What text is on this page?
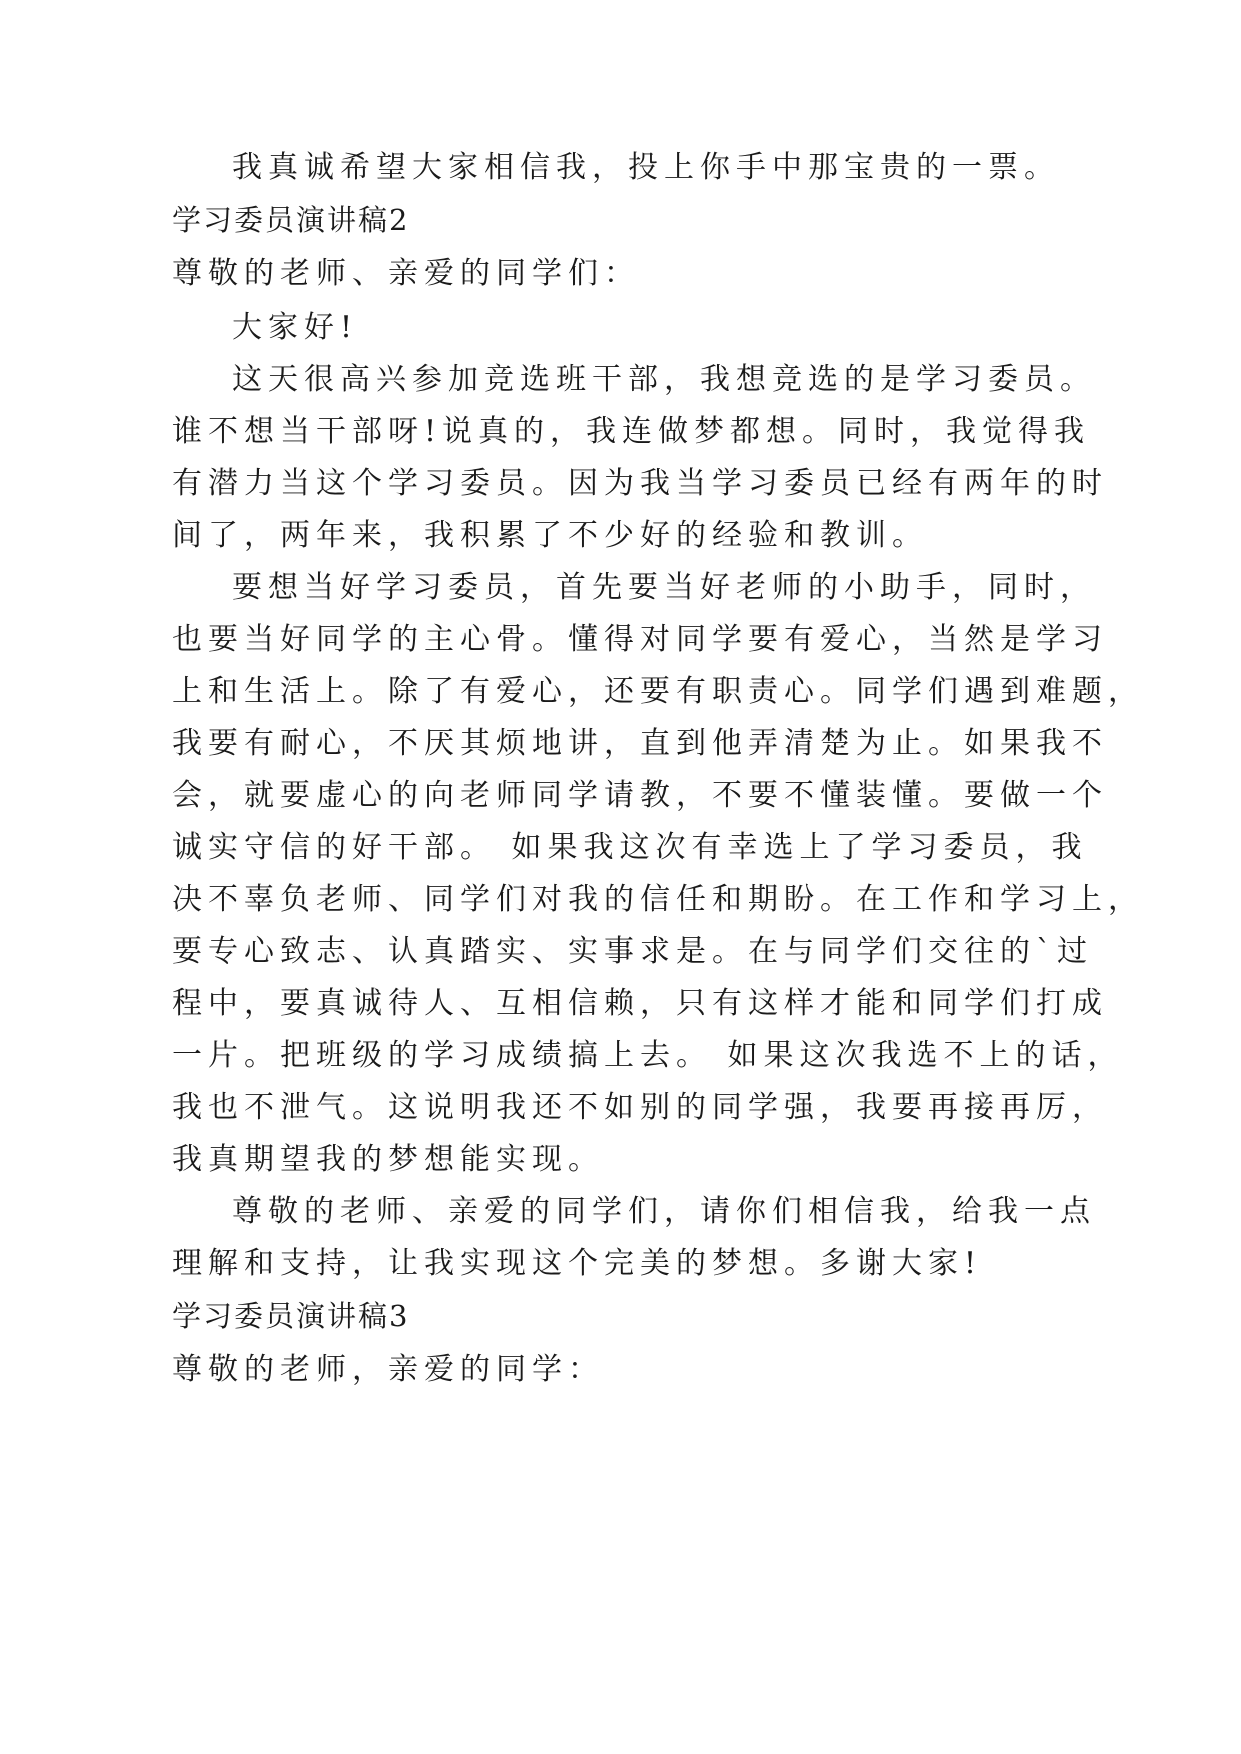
我真诚希望大家相信我，投上你手中那宝贵的一票。
学习委员演讲稿2
尊敬的老师、亲爱的同学们：
大家好!
这天很高兴参加竞选班干部，我想竞选的是学习委员。
谁不想当干部呀!说真的，我连做梦都想。同时，我觉得我
有潜力当这个学习委员。因为我当学习委员已经有两年的时
间了，两年来，我积累了不少好的经验和教训。
要想当好学习委员，首先要当好老师的小助手，同时，
也要当好同学的主心骨。懂得对同学要有爱心，当然是学习
上和生活上。除了有爱心，还要有职责心。同学们遇到难题，
我要有耐心，不厌其烦地讲，直到他弄清楚为止。如果我不
会，就要虚心的向老师同学请教，不要不懂装懂。要做一个
诚实守信的好干部。 如果我这次有幸选上了学习委员，我
决不辜负老师、同学们对我的信任和期盼。在工作和学习上，
要专心致志、认真踏实、实事求是。在与同学们交往的`过
程中，要真诚待人、互相信赖，只有这样才能和同学们打成
一片。把班级的学习成绩搞上去。 如果这次我选不上的话，
我也不泄气。这说明我还不如别的同学强，我要再接再厉，
我真期望我的梦想能实现。
尊敬的老师、亲爱的同学们，请你们相信我，给我一点
理解和支持，让我实现这个完美的梦想。多谢大家!
学习委员演讲稿3
尊敬的老师，亲爱的同学：
